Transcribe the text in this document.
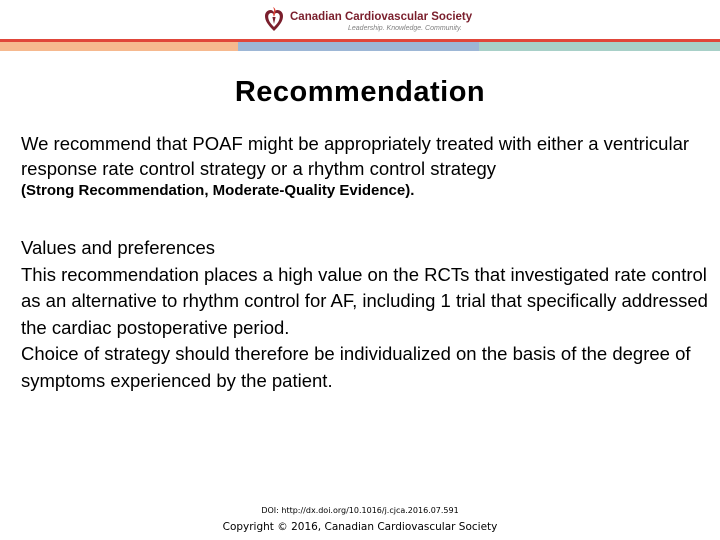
Canadian Cardiovascular Society
Leadership. Knowledge. Community.
Recommendation

We recommend that POAF might be appropriately treated with either a ventricular response rate control strategy or a rhythm control strategy

(Strong Recommendation, Moderate-Quality Evidence).

Values and preferences

This recommendation places a high value on the RCTs that investigated rate control as an alternative to rhythm control for AF, including 1 trial that specifically addressed the cardiac postoperative period.

Choice of strategy should therefore be individualized on the basis of the degree of symptoms experienced by the patient.

DOI: http://dx.doi.org/10.1016/j.cjca.2016.07.591
Copyright © 2016, Canadian Cardiovascular Society
